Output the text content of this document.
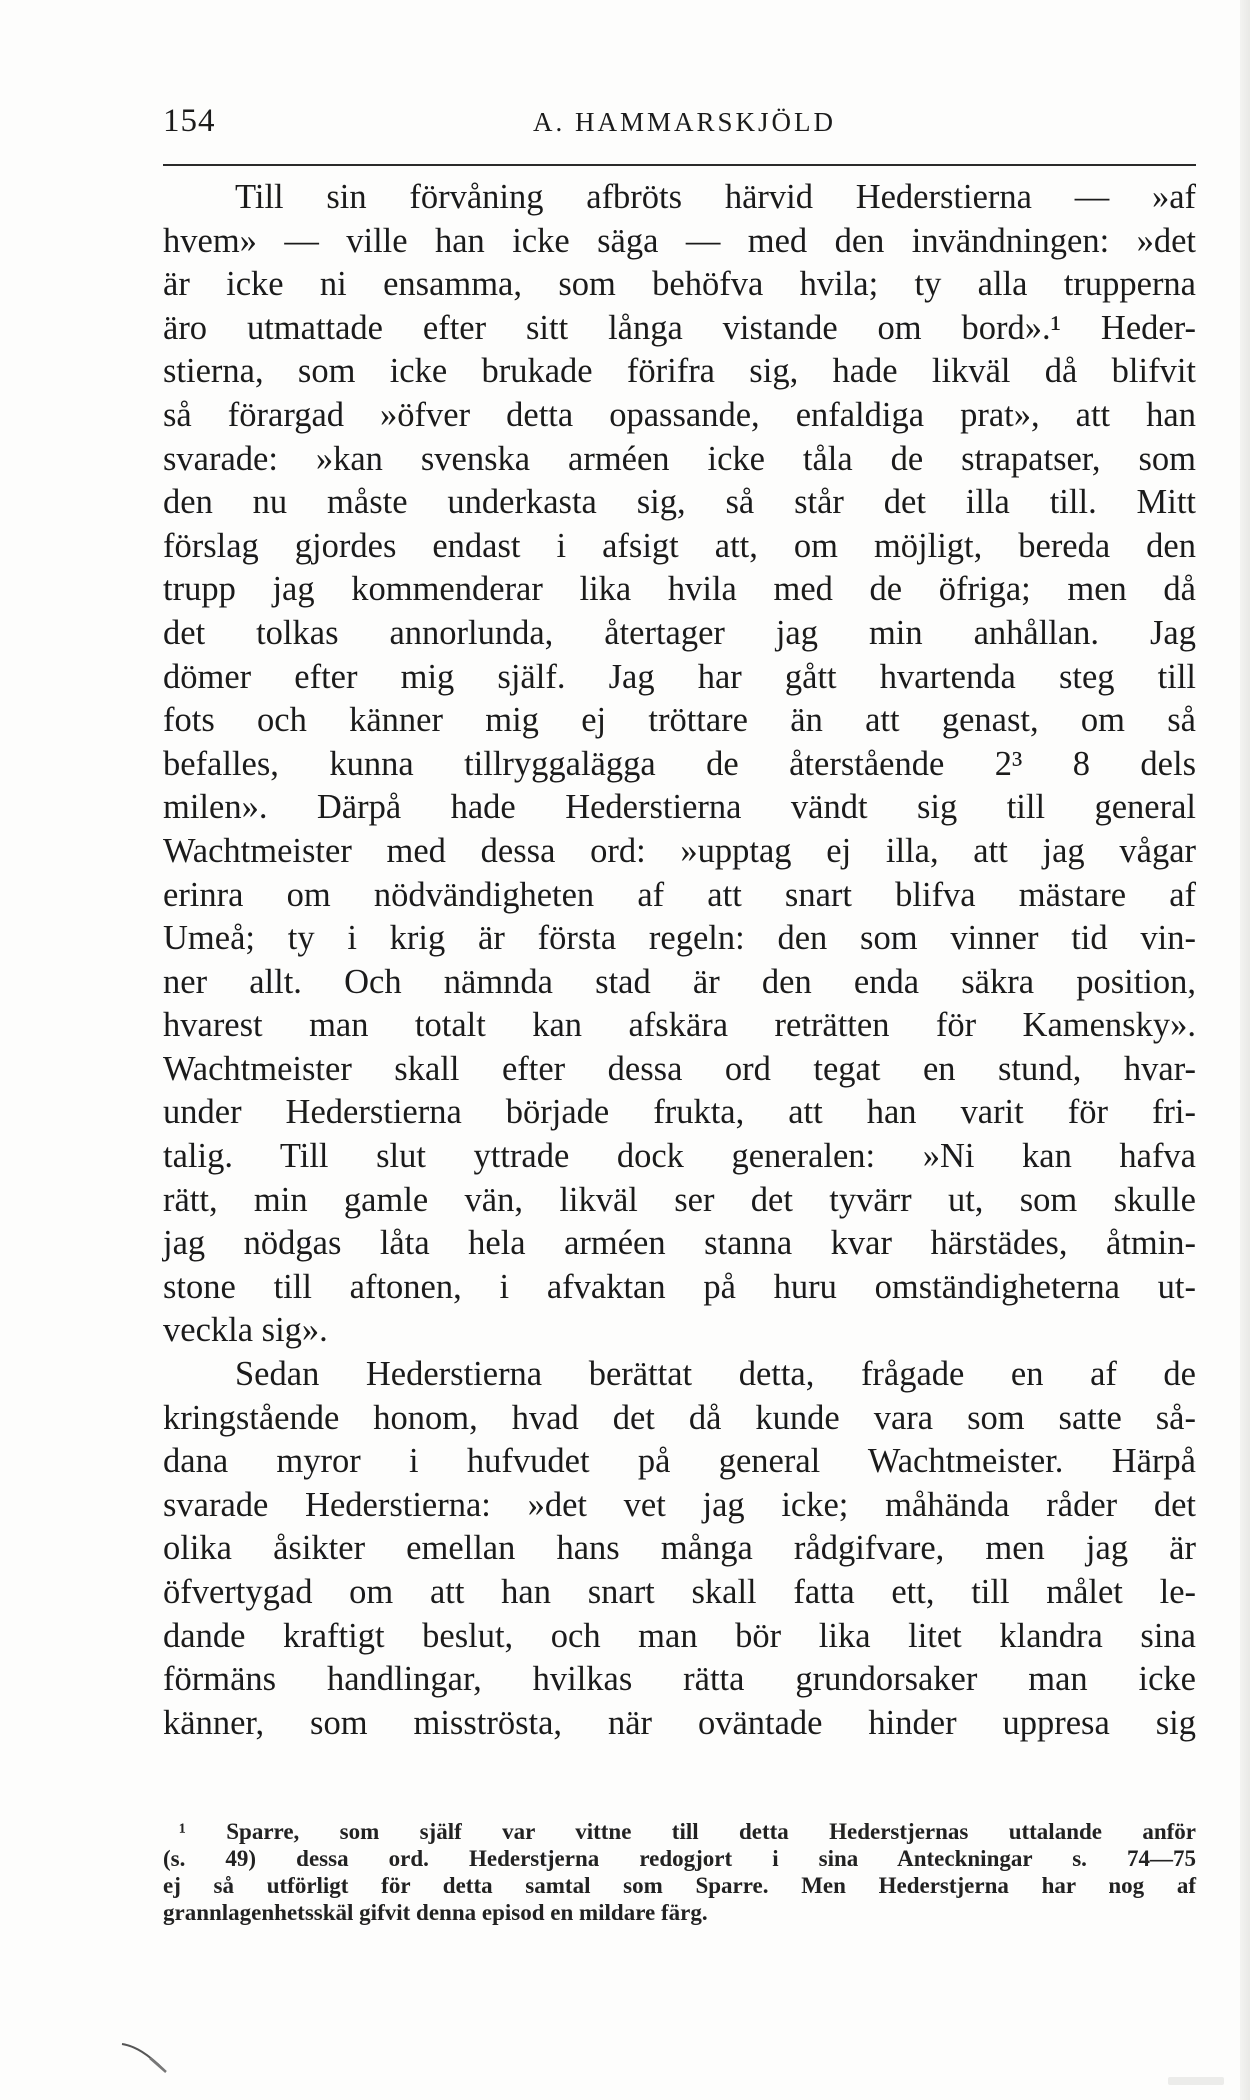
154	A. HAMMARSKJÖLD
Till sin förvåning afbröts härvid Hederstierna — »af
hvem» — ville han icke säga — med den invändningen: »det
är icke ni ensamma, som behöfva hvila; ty alla trupperna
äro utmattade efter sitt långa vistande om bord».¹ Heder-
stierna, som icke brukade förifra sig, hade likväl då blifvit
så förargad »öfver detta opassande, enfaldiga prat», att han
svarade: »kan svenska arméen icke tåla de strapatser, som
den nu måste underkasta sig, så står det illa till. Mitt
förslag gjordes endast i afsigt att, om möjligt, bereda den
trupp jag kommenderar lika hvila med de öfriga; men då
det tolkas annorlunda, återtager jag min anhållan. Jag
dömer efter mig själf. Jag har gått hvartenda steg till
fots och känner mig ej tröttare än att genast, om så
befalles, kunna tillryggalägga de återstående 2³ 8 dels
milen». Därpå hade Hederstierna vändt sig till general
Wachtmeister med dessa ord: »upptag ej illa, att jag vågar
erinra om nödvändigheten af att snart blifva mästare af
Umeå; ty i krig är första regeln: den som vinner tid vin-
ner allt. Och nämnda stad är den enda säkra position,
hvarest man totalt kan afskära reträtten för Kamensky».
Wachtmeister skall efter dessa ord tegat en stund, hvar-
under Hederstierna började frukta, att han varit för fri-
talig. Till slut yttrade dock generalen: »Ni kan hafva
rätt, min gamle vän, likväl ser det tyvärr ut, som skulle
jag nödgas låta hela arméen stanna kvar härstädes, åtmin-
stone till aftonen, i afvaktan på huru omständigheterna ut-
veckla sig».
Sedan Hederstierna berättat detta, frågade en af de
kringstående honom, hvad det då kunde vara som satte så-
dana myror i hufvudet på general Wachtmeister. Härpå
svarade Hederstierna: »det vet jag icke; måhända råder det
olika åsikter emellan hans många rådgifvare, men jag är
öfvertygad om att han snart skall fatta ett, till målet le-
dande kraftigt beslut, och man bör lika litet klandra sina
förmäns handlingar, hvilkas rätta grundorsaker man icke
känner, som misströsta, när oväntade hinder uppresa sig
¹ Sparre, som själf var vittne till detta Hederstjernas uttalande anför
(s. 49) dessa ord. Hederstjerna redogjort i sina Anteckningar s. 74—75
ej så utförligt för detta samtal som Sparre. Men Hederstjerna har nog af
grannlagenhetsskäl gifvit denna episod en mildare färg.
